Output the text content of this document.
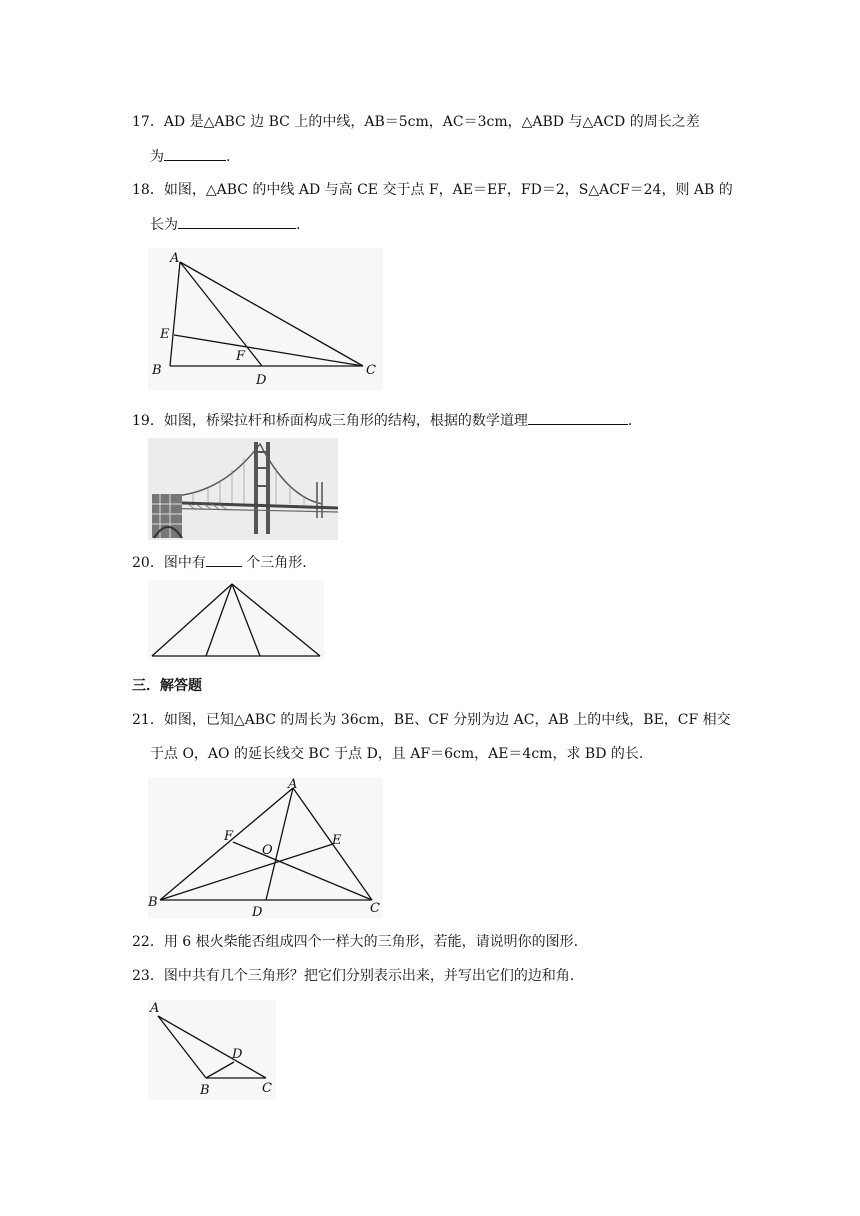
17．AD 是△ABC 边 BC 上的中线，AB＝5cm，AC＝3cm，△ABD 与△ACD 的周长之差
为	.
18．如图，△ABC 的中线 AD 与高 CE 交于点 F，AE＝EF，FD＝2，S△ACF＝24，则 AB 的
长为	.
A
E
F
B
D
C
19．如图，桥梁拉杆和桥面构成三角形的结构，根据的数学道理	.
20．图中有	个三角形.
三．解答题
21．如图，已知△ABC 的周长为 36cm，BE、CF 分别为边 AC，AB 上的中线，BE，CF 相交
于点 O，AO 的延长线交 BC 于点 D，且 AF＝6cm，AE＝4cm，求 BD 的长.
A
F	E
O
B
D	C
22．用 6 根火柴能否组成四个一样大的三角形，若能，请说明你的图形.
23．图中共有几个三角形？把它们分别表示出来，并写出它们的边和角.
A
D
B	C
